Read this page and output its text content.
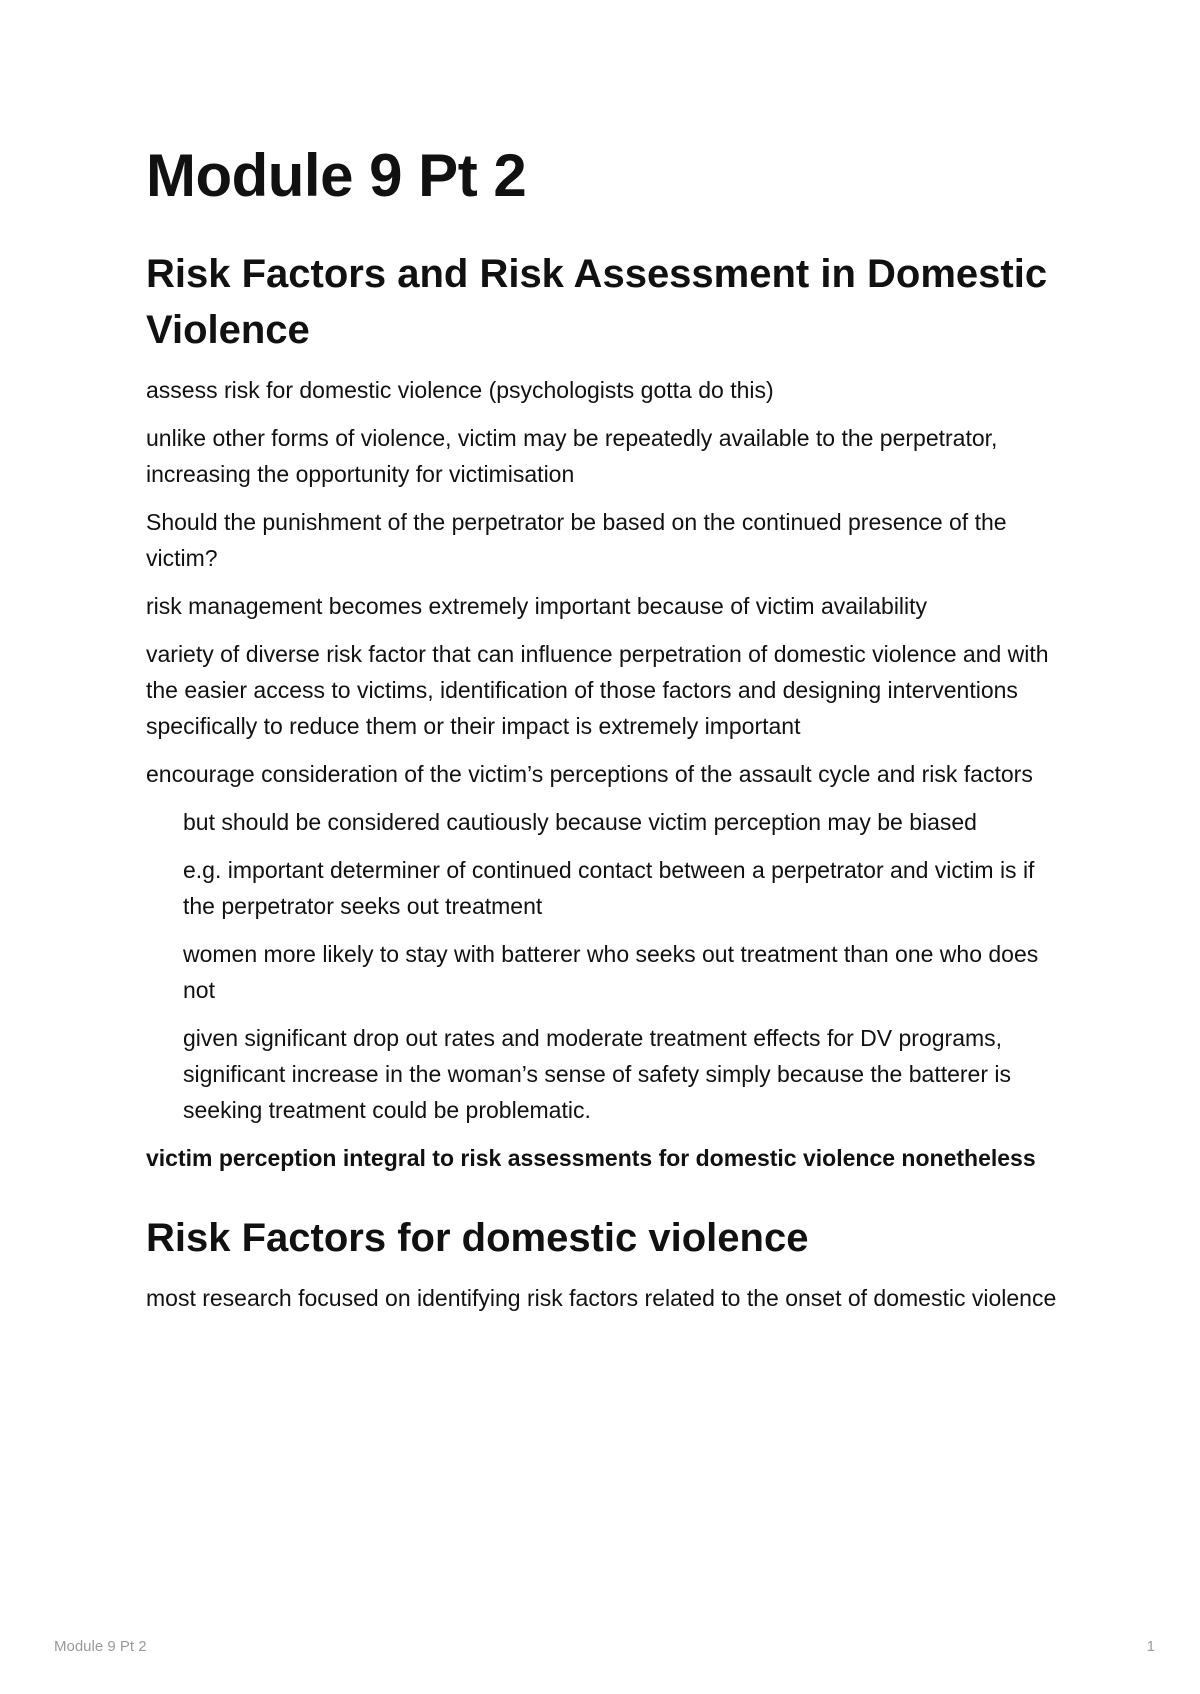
Module 9 Pt 2
Risk Factors and Risk Assessment in Domestic Violence

assess risk for domestic violence (psychologists gotta do this)

unlike other forms of violence, victim may be repeatedly available to the perpetrator, increasing the opportunity for victimisation

Should the punishment of the perpetrator be based on the continued presence of the victim?

risk management becomes extremely important because of victim availability

variety of diverse risk factor that can influence perpetration of domestic violence and with the easier access to victims, identification of those factors and designing interventions specifically to reduce them or their impact is extremely important

encourage consideration of the victim’s perceptions of the assault cycle and risk factors

but should be considered cautiously because victim perception may be biased

e.g. important determiner of continued contact between a perpetrator and victim is if the perpetrator seeks out treatment

women more likely to stay with batterer who seeks out treatment than one who does not

given significant drop out rates and moderate treatment effects for DV programs, significant increase in the woman’s sense of safety simply because the batterer is seeking treatment could be problematic.

victim perception integral to risk assessments for domestic violence nonetheless

Risk Factors for domestic violence

most research focused on identifying risk factors related to the onset of domestic violence

Module 9 Pt 2	1
